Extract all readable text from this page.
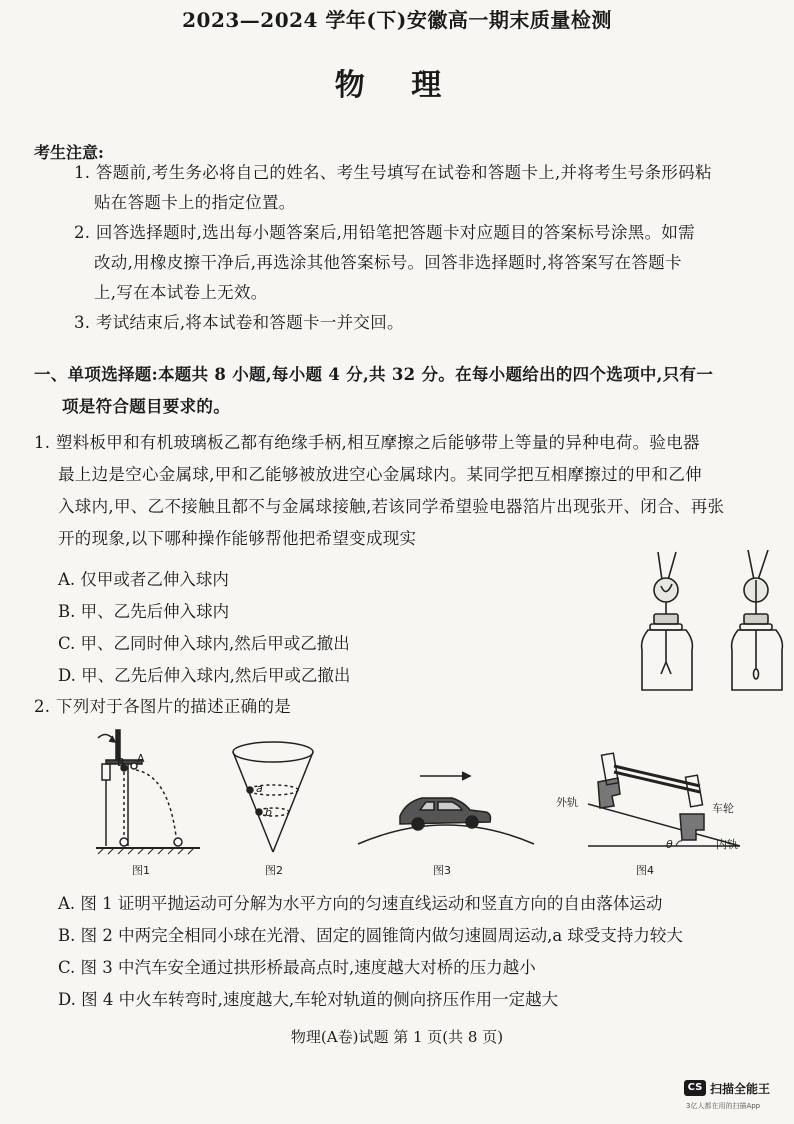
2023—2024 学年(下)安徽高一期末质量检测
物 理
考生注意:
1. 答题前,考生务必将自己的姓名、考生号填写在试卷和答题卡上,并将考生号条形码粘
贴在答题卡上的指定位置。
2. 回答选择题时,选出每小题答案后,用铅笔把答题卡对应题目的答案标号涂黑。如需
改动,用橡皮擦干净后,再选涂其他答案标号。回答非选择题时,将答案写在答题卡
上,写在本试卷上无效。
3. 考试结束后,将本试卷和答题卡一并交回。
一、单项选择题:本题共 8 小题,每小题 4 分,共 32 分。在每小题给出的四个选项中,只有一
项是符合题目要求的。
1. 塑料板甲和有机玻璃板乙都有绝缘手柄,相互摩擦之后能够带上等量的异种电荷。验电器
最上边是空心金属球,甲和乙能够被放进空心金属球内。某同学把互相摩擦过的甲和乙伸
入球内,甲、乙不接触且都不与金属球接触,若该同学希望验电器箔片出现张开、闭合、再张
开的现象,以下哪种操作能够帮他把希望变成现实
A. 仅甲或者乙伸入球内
B. 甲、乙先后伸入球内
C. 甲、乙同时伸入球内,然后甲或乙撤出
D. 甲、乙先后伸入球内,然后甲或乙撤出
2. 下列对于各图片的描述正确的是
B A
图1
a
b
图2	图3
外轨	车轮
内轨
θ
图4
A. 图 1 证明平抛运动可分解为水平方向的匀速直线运动和竖直方向的自由落体运动
B. 图 2 中两完全相同小球在光滑、固定的圆锥筒内做匀速圆周运动,a 球受支持力较大
C. 图 3 中汽车安全通过拱形桥最高点时,速度越大对桥的压力越小
D. 图 4 中火车转弯时,速度越大,车轮对轨道的侧向挤压作用一定越大
物理(A卷)试题 第 1 页(共 8 页)
CS 扫描全能王
3亿人都在用的扫描App
